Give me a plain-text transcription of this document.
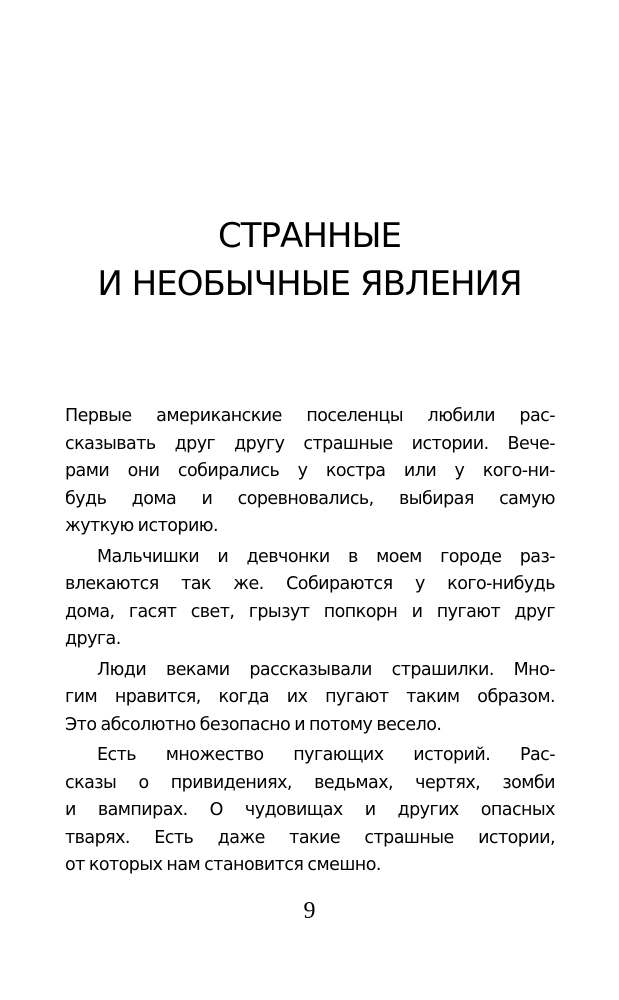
СТРАННЫЕ
И НЕОБЫЧНЫЕ ЯВЛЕНИЯ
Первые американские поселенцы любили рас-
сказывать друг другу страшные истории. Вече-
рами они собирались у костра или у кого-ни-
будь дома и соревновались, выбирая самую
жуткую историю.
Мальчишки и девчонки в моем городе раз-
влекаются так же. Собираются у кого-нибудь
дома, гасят свет, грызут попкорн и пугают друг
друга.
Люди веками рассказывали страшилки. Мно-
гим нравится, когда их пугают таким образом.
Это абсолютно безопасно и потому весело.
Есть множество пугающих историй. Рас-
сказы о привидениях, ведьмах, чертях, зомби
и вампирах. О чудовищах и других опасных
тварях. Есть даже такие страшные истории,
от которых нам становится смешно.
9
